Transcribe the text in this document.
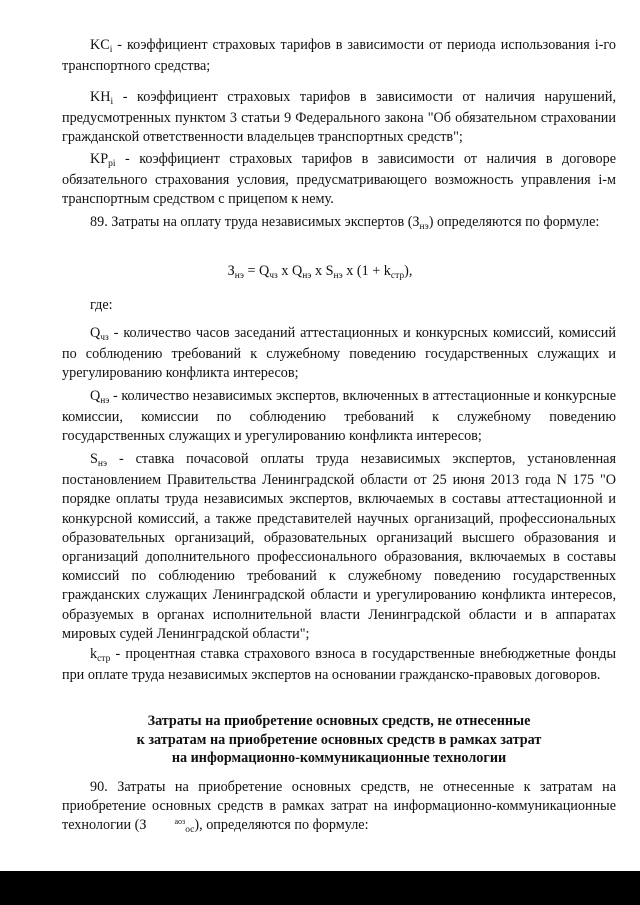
$KC_i$ - коэффициент страховых тарифов в зависимости от периода использования i-го транспортного средства;

$KH_i$ - коэффициент страховых тарифов в зависимости от наличия нарушений, предусмотренных пунктом 3 статьи 9 Федерального закона "Об обязательном страховании гражданской ответственности владельцев транспортных средств";

$KP_{pi}$ - коэффициент страховых тарифов в зависимости от наличия в договоре обязательного страхования условия, предусматривающего возможность управления i-м транспортным средством с прицепом к нему.

89. Затраты на оплату труда независимых экспертов $(З_{нэ})$ определяются по формуле:

$З_{нэ} = Q_{чз}$ x $Q_{нэ}$ x $S_{нэ}$ x $(1 + k_{стр})$,

где:

$Q_{чз}$ - количество часов заседаний аттестационных и конкурсных комиссий, комиссий по соблюдению требований к служебному поведению государственных служащих и урегулированию конфликта интересов;

$Q_{нэ}$ - количество независимых экспертов, включенных в аттестационные и конкурсные комиссии, комиссии по соблюдению требований к служебному поведению государственных служащих и урегулированию конфликта интересов;

$S_{нэ}$ - ставка почасовой оплаты труда независимых экспертов, установленная постановлением Правительства Ленинградской области от 25 июня 2013 года N 175 "О порядке оплаты труда независимых экспертов, включаемых в составы аттестационной и конкурсной комиссий, а также представителей научных организаций, профессиональных образовательных организаций, образовательных организаций высшего образования и организаций дополнительного профессионального образования, включаемых в составы комиссий по соблюдению требований к служебному поведению государственных гражданских служащих Ленинградской области и урегулированию конфликта интересов, образуемых в органах исполнительной власти Ленинградской области и в аппаратах мировых судей Ленинградской области";

$k_{стр}$ - процентная ставка страхового взноса в государственные внебюджетные фонды при оплате труда независимых экспертов на основании гражданско-правовых договоров.

Затраты на приобретение основных средств, не отнесенные
к затратам на приобретение основных средств в рамках затрат
на информационно-коммуникационные технологии

90. Затраты на приобретение основных средств, не отнесенные к затратам на приобретение основных средств в рамках затрат на информационно-коммуникационные технологии (З	$^{аоз}_{ос}$), определяются по формуле:
